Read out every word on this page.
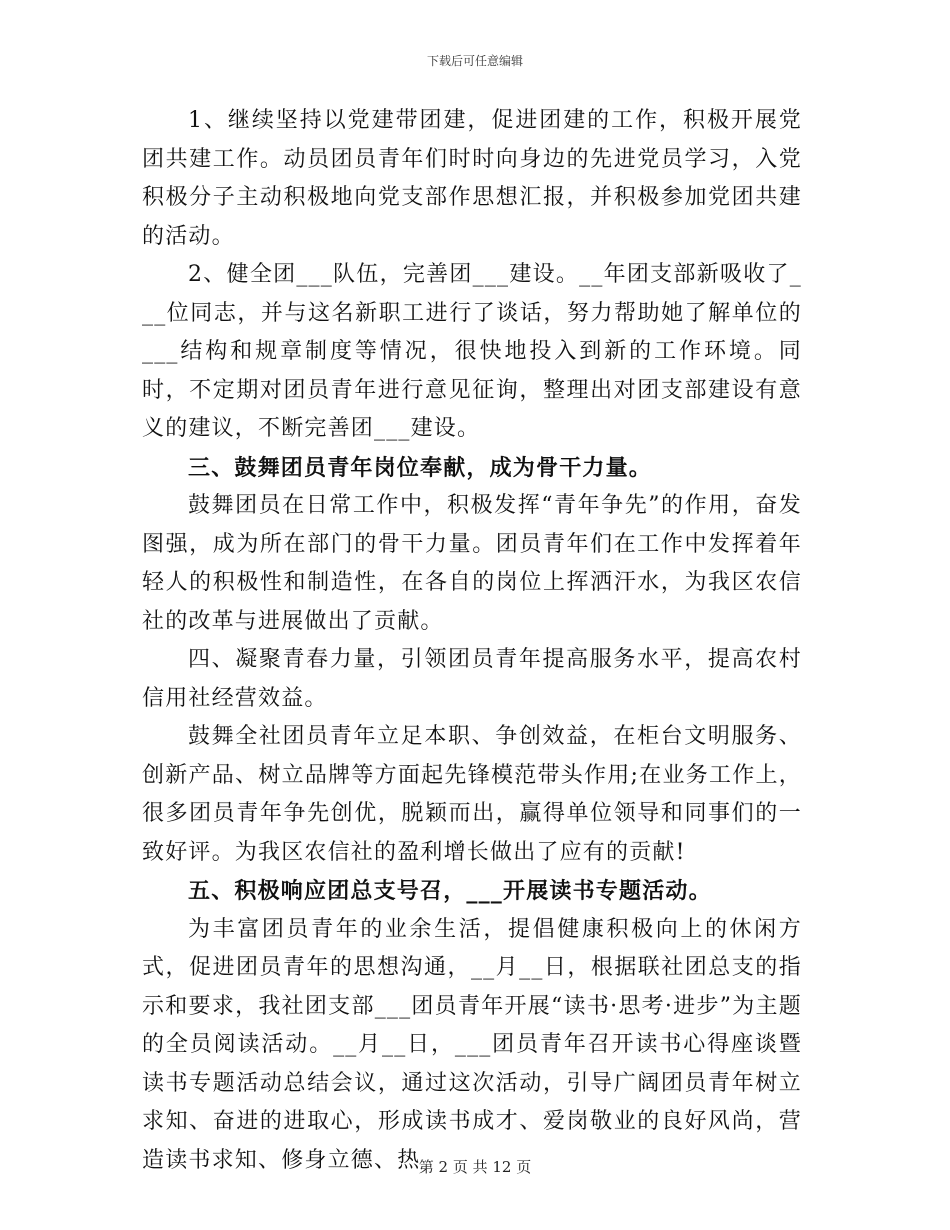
下载后可任意编辑

1、继续坚持以党建带团建，促进团建的工作，积极开展党团共建工作。动员团员青年们时时向身边的先进党员学习，入党积极分子主动积极地向党支部作思想汇报，并积极参加党团共建的活动。

2、健全团___队伍，完善团___建设。__年团支部新吸收了___位同志，并与这名新职工进行了谈话，努力帮助她了解单位的___结构和规章制度等情况，很快地投入到新的工作环境。同时，不定期对团员青年进行意见征询，整理出对团支部建设有意义的建议，不断完善团___建设。

三、鼓舞团员青年岗位奉献，成为骨干力量。

鼓舞团员在日常工作中，积极发挥“青年争先”的作用，奋发图强，成为所在部门的骨干力量。团员青年们在工作中发挥着年轻人的积极性和制造性，在各自的岗位上挥洒汗水，为我区农信社的改革与进展做出了贡献。

四、凝聚青春力量，引领团员青年提高服务水平，提高农村信用社经营效益。

鼓舞全社团员青年立足本职、争创效益，在柜台文明服务、创新产品、树立品牌等方面起先锋模范带头作用;在业务工作上，很多团员青年争先创优，脱颖而出，赢得单位领导和同事们的一致好评。为我区农信社的盈利增长做出了应有的贡献!

五、积极响应团总支号召，___开展读书专题活动。

为丰富团员青年的业余生活，提倡健康积极向上的休闲方式，促进团员青年的思想沟通，__月__日，根据联社团总支的指示和要求，我社团支部___团员青年开展“读书·思考·进步”为主题的全员阅读活动。__月__日，___团员青年召开读书心得座谈暨读书专题活动总结会议，通过这次活动，引导广阔团员青年树立求知、奋进的进取心，形成读书成才、爱岗敬业的良好风尚，营造读书求知、修身立德、热

第 2 页 共 12 页
